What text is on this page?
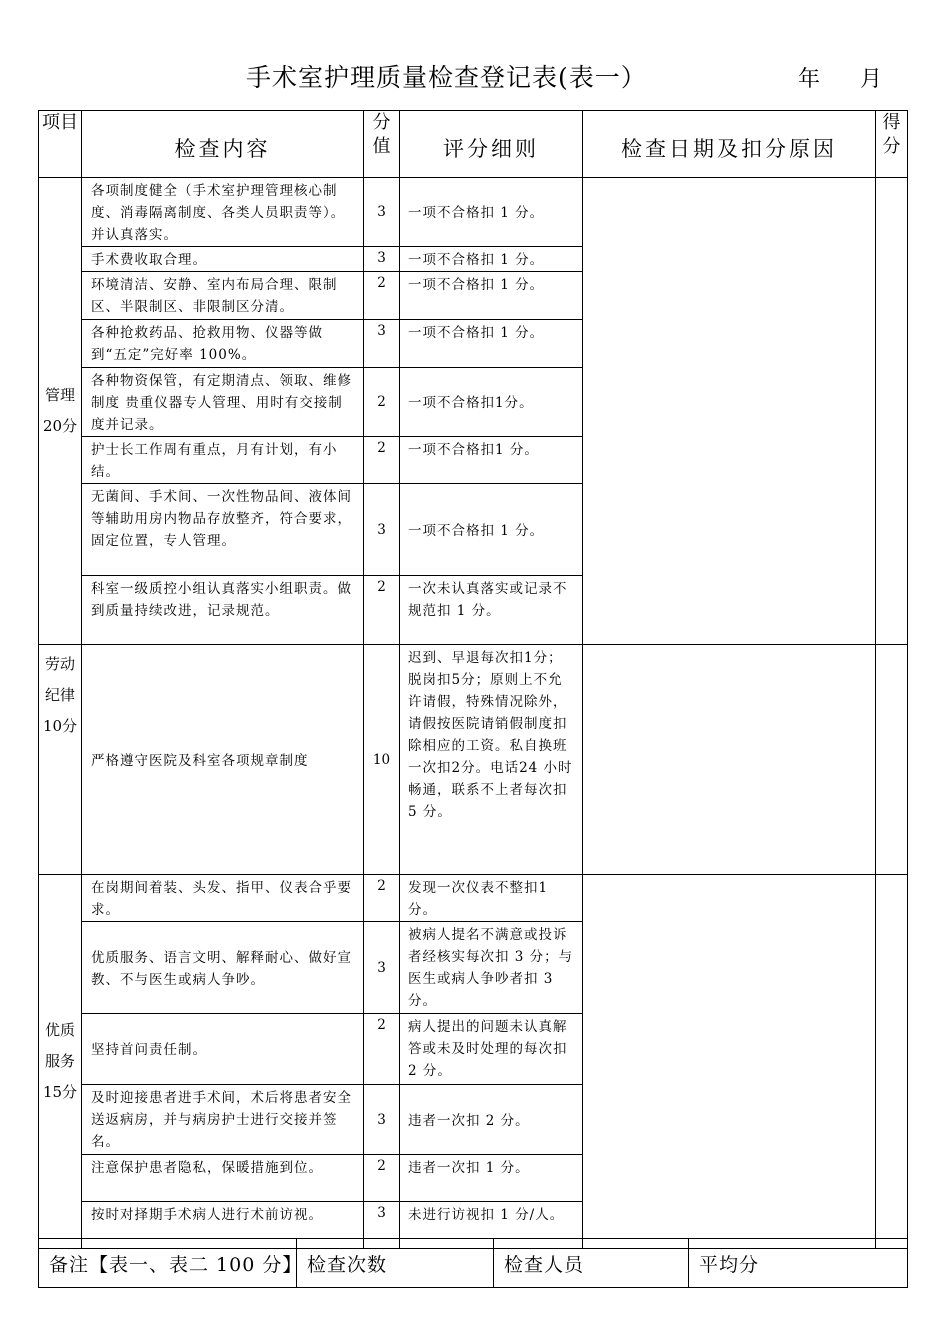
手术室护理质量检查登记表(表一）	年 月
项目	检查内容	分值	评分细则	检查日期及扣分原因	得分
管理20分	各项制度健全（手术室护理管理核心制度、消毒隔离制度、各类人员职责等）。并认真落实。	3	一项不合格扣 1 分。		
	手术费收取合理。	3	一项不合格扣 1 分。		
	环境清洁、安静、室内布局合理、限制区、半限制区、非限制区分清。	2	一项不合格扣 1 分。		
	各种抢救药品、抢救用物、仪器等做到“五定”完好率 100%。	3	一项不合格扣 1 分。		
	各种物资保管，有定期清点、领取、维修制度 贵重仪器专人管理、用时有交接制度并记录。	2	一项不合格扣1分。		
	护士长工作周有重点，月有计划，有小结。	2	一项不合格扣1 分。		
	无菌间、手术间、一次性物品间、液体间等辅助用房内物品存放整齐，符合要求，固定位置，专人管理。	3	一项不合格扣 1 分。		
	科室一级质控小组认真落实小组职责。做到质量持续改进，记录规范。	2	一次未认真落实或记录不规范扣 1 分。		
劳动纪律10分	严格遵守医院及科室各项规章制度	10	迟到、早退每次扣1分；脱岗扣5分；原则上不允许请假，特殊情况除外，请假按医院请销假制度扣除相应的工资。私自换班一次扣2分。电话24 小时畅通，联系不上者每次扣 5 分。		
优质服务15分	在岗期间着装、头发、指甲、仪表合乎要求。	2	发现一次仪表不整扣1 分。		
	优质服务、语言文明、解释耐心、做好宣教、不与医生或病人争吵。	3	被病人提名不满意或投诉者经核实每次扣 3 分；与医生或病人争吵者扣 3 分。		
	坚持首问责任制。	2	病人提出的问题未认真解答或未及时处理的每次扣 2 分。		
	及时迎接患者进手术间，术后将患者安全送返病房，并与病房护士进行交接并签名。	3	违者一次扣 2 分。		
	注意保护患者隐私，保暖措施到位。	2	违者一次扣 1 分。		
	按时对择期手术病人进行术前访视。	3	未进行访视扣 1 分/人。		
备注【表一、表二 100 分】	检查次数	检查人员	平均分
